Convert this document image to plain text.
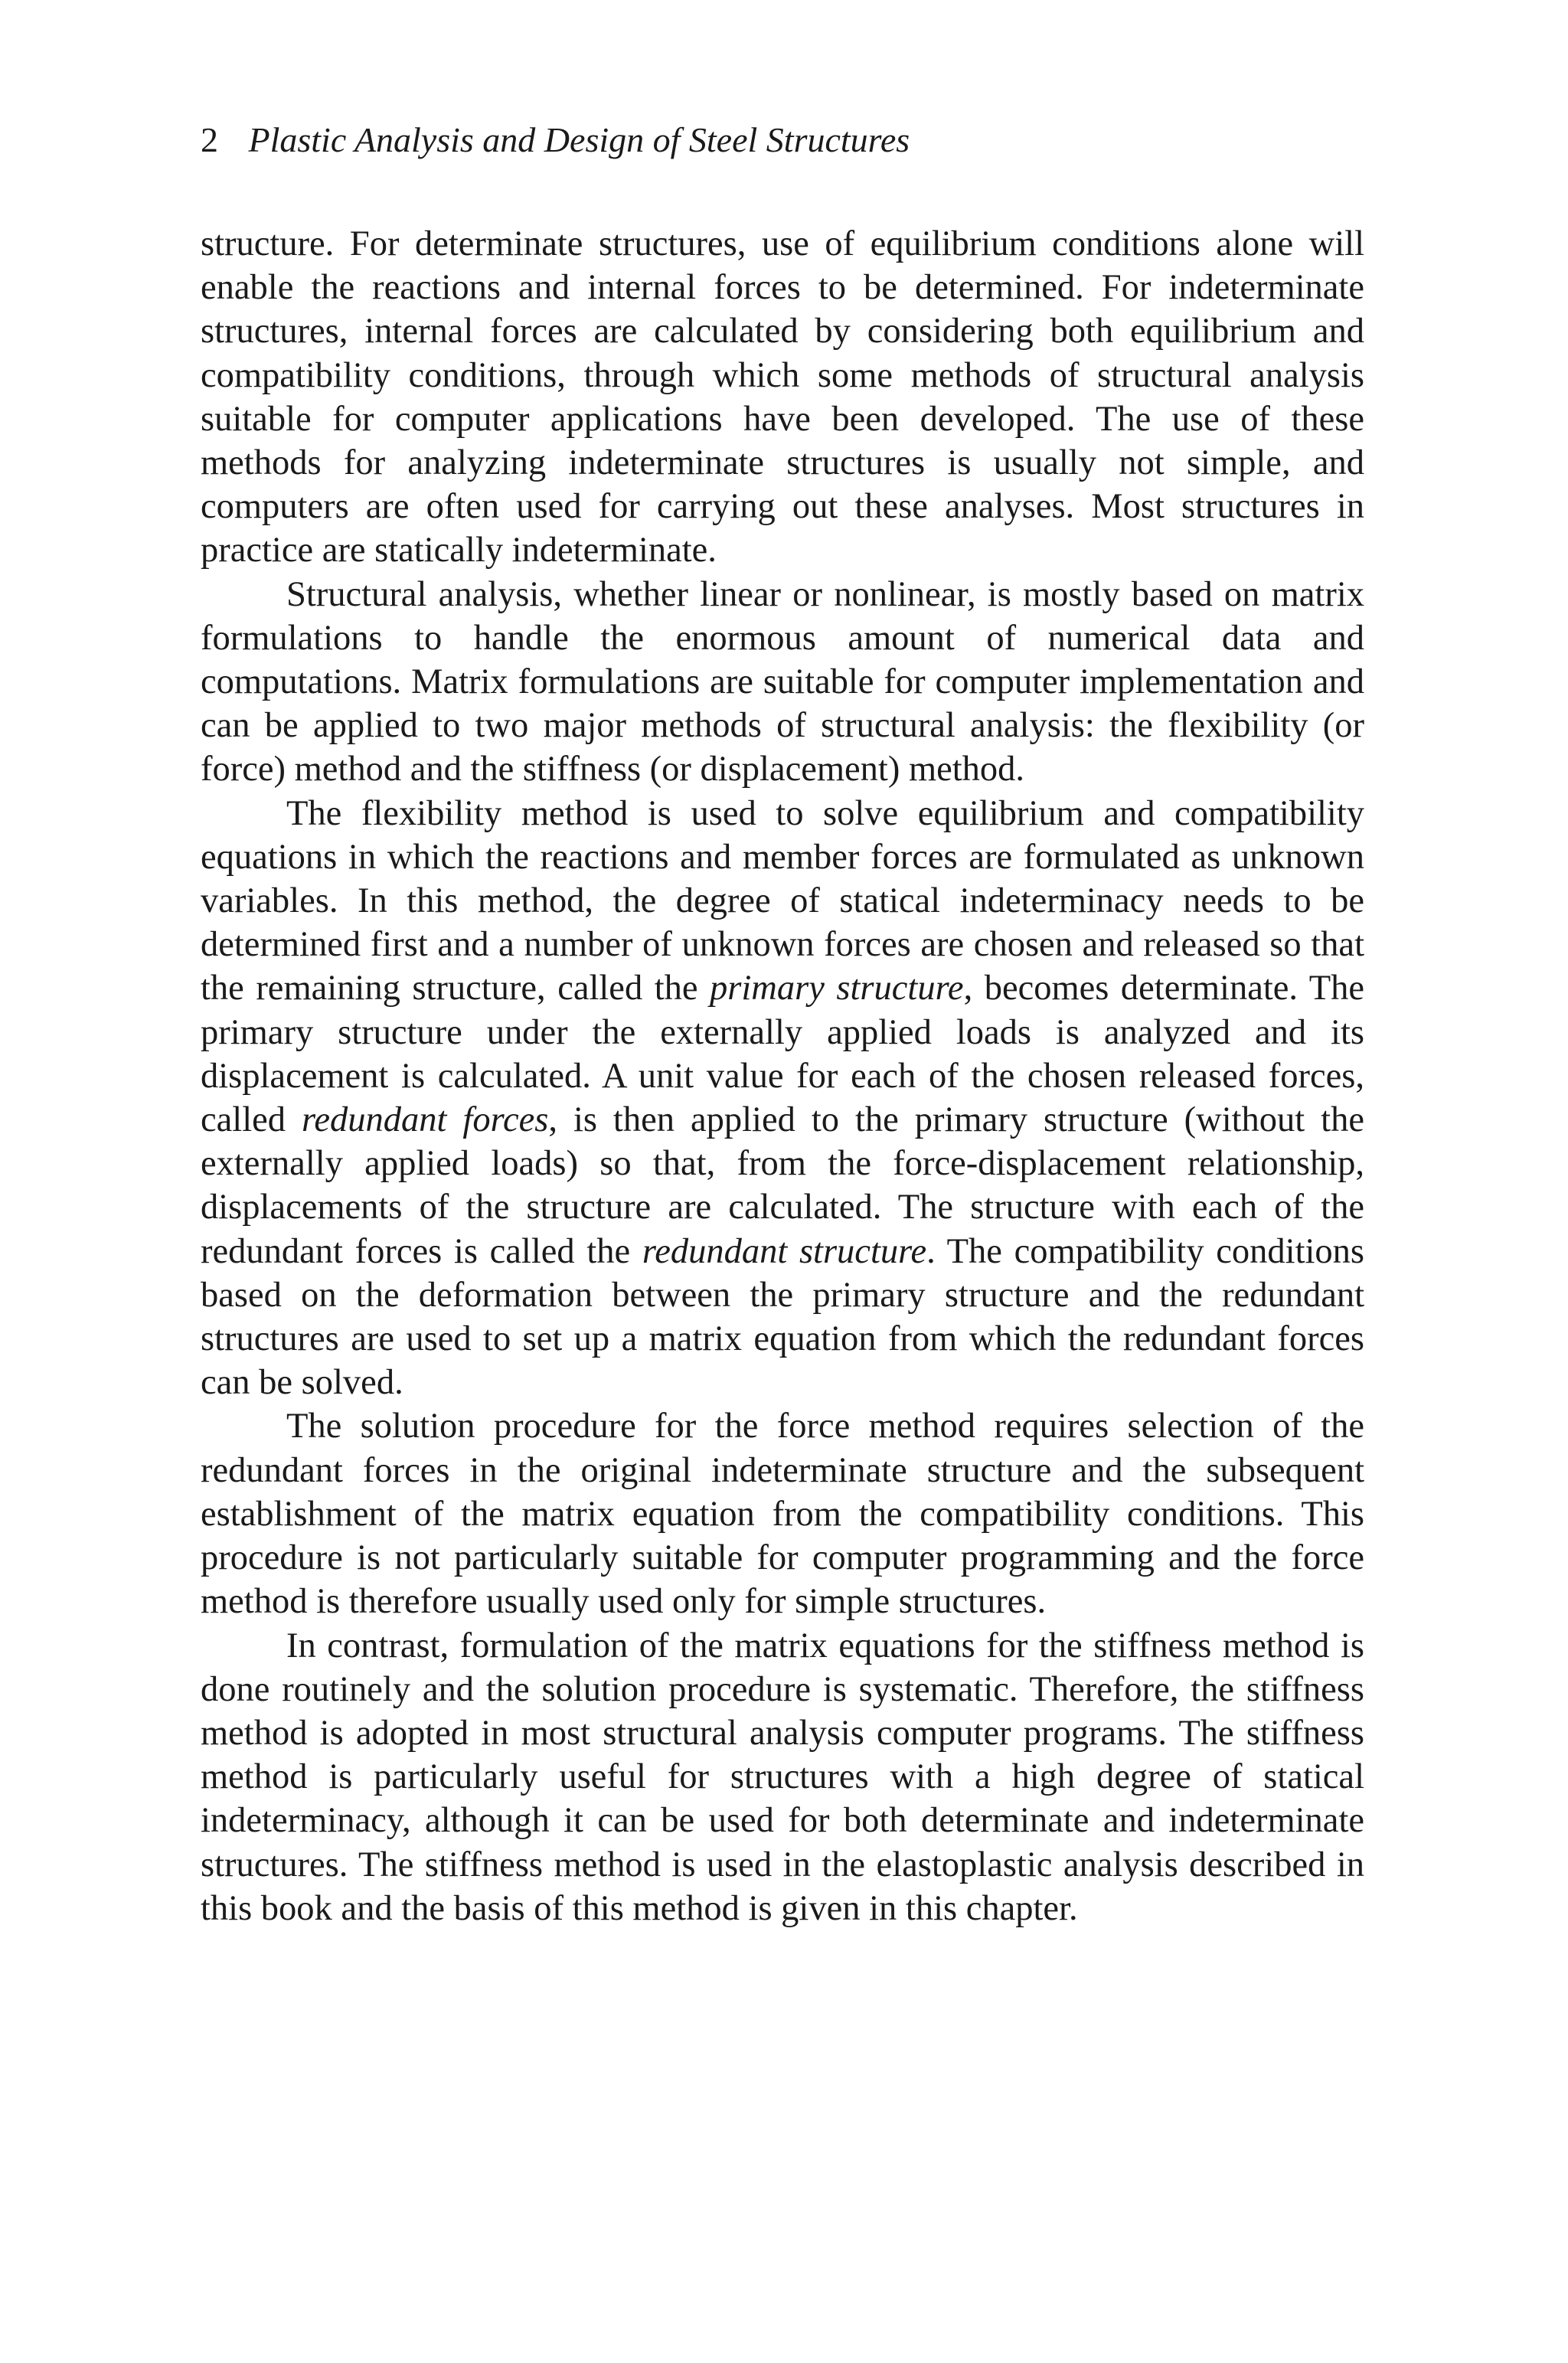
2 Plastic Analysis and Design of Steel Structures

structure. For determinate structures, use of equilibrium conditions alone will enable the reactions and internal forces to be determined. For indeterminate structures, internal forces are calculated by considering both equilibrium and compatibility conditions, through which some methods of structural analysis suitable for computer applications have been developed. The use of these methods for analyzing indeterminate structures is usually not simple, and computers are often used for carrying out these analyses. Most structures in practice are statically indeterminate.

Structural analysis, whether linear or nonlinear, is mostly based on matrix formulations to handle the enormous amount of numerical data and computations. Matrix formulations are suitable for computer implementation and can be applied to two major methods of structural analysis: the flexibility (or force) method and the stiffness (or displacement) method.

The flexibility method is used to solve equilibrium and compatibility equations in which the reactions and member forces are formulated as unknown variables. In this method, the degree of statical indeterminacy needs to be determined first and a number of unknown forces are chosen and released so that the remaining structure, called the primary structure, becomes determinate. The primary structure under the externally applied loads is analyzed and its displacement is calculated. A unit value for each of the chosen released forces, called redundant forces, is then applied to the primary structure (without the externally applied loads) so that, from the force-displacement relationship, displacements of the structure are calculated. The structure with each of the redundant forces is called the redundant structure. The compatibility conditions based on the deformation between the primary structure and the redundant structures are used to set up a matrix equation from which the redundant forces can be solved.

The solution procedure for the force method requires selection of the redundant forces in the original indeterminate structure and the subsequent establishment of the matrix equation from the compatibility conditions. This procedure is not particularly suitable for computer programming and the force method is therefore usually used only for simple structures.

In contrast, formulation of the matrix equations for the stiffness method is done routinely and the solution procedure is systematic. Therefore, the stiffness method is adopted in most structural analysis computer programs. The stiffness method is particularly useful for structures with a high degree of statical indeterminacy, although it can be used for both determinate and indeterminate structures. The stiffness method is used in the elastoplastic analysis described in this book and the basis of this method is given in this chapter.
